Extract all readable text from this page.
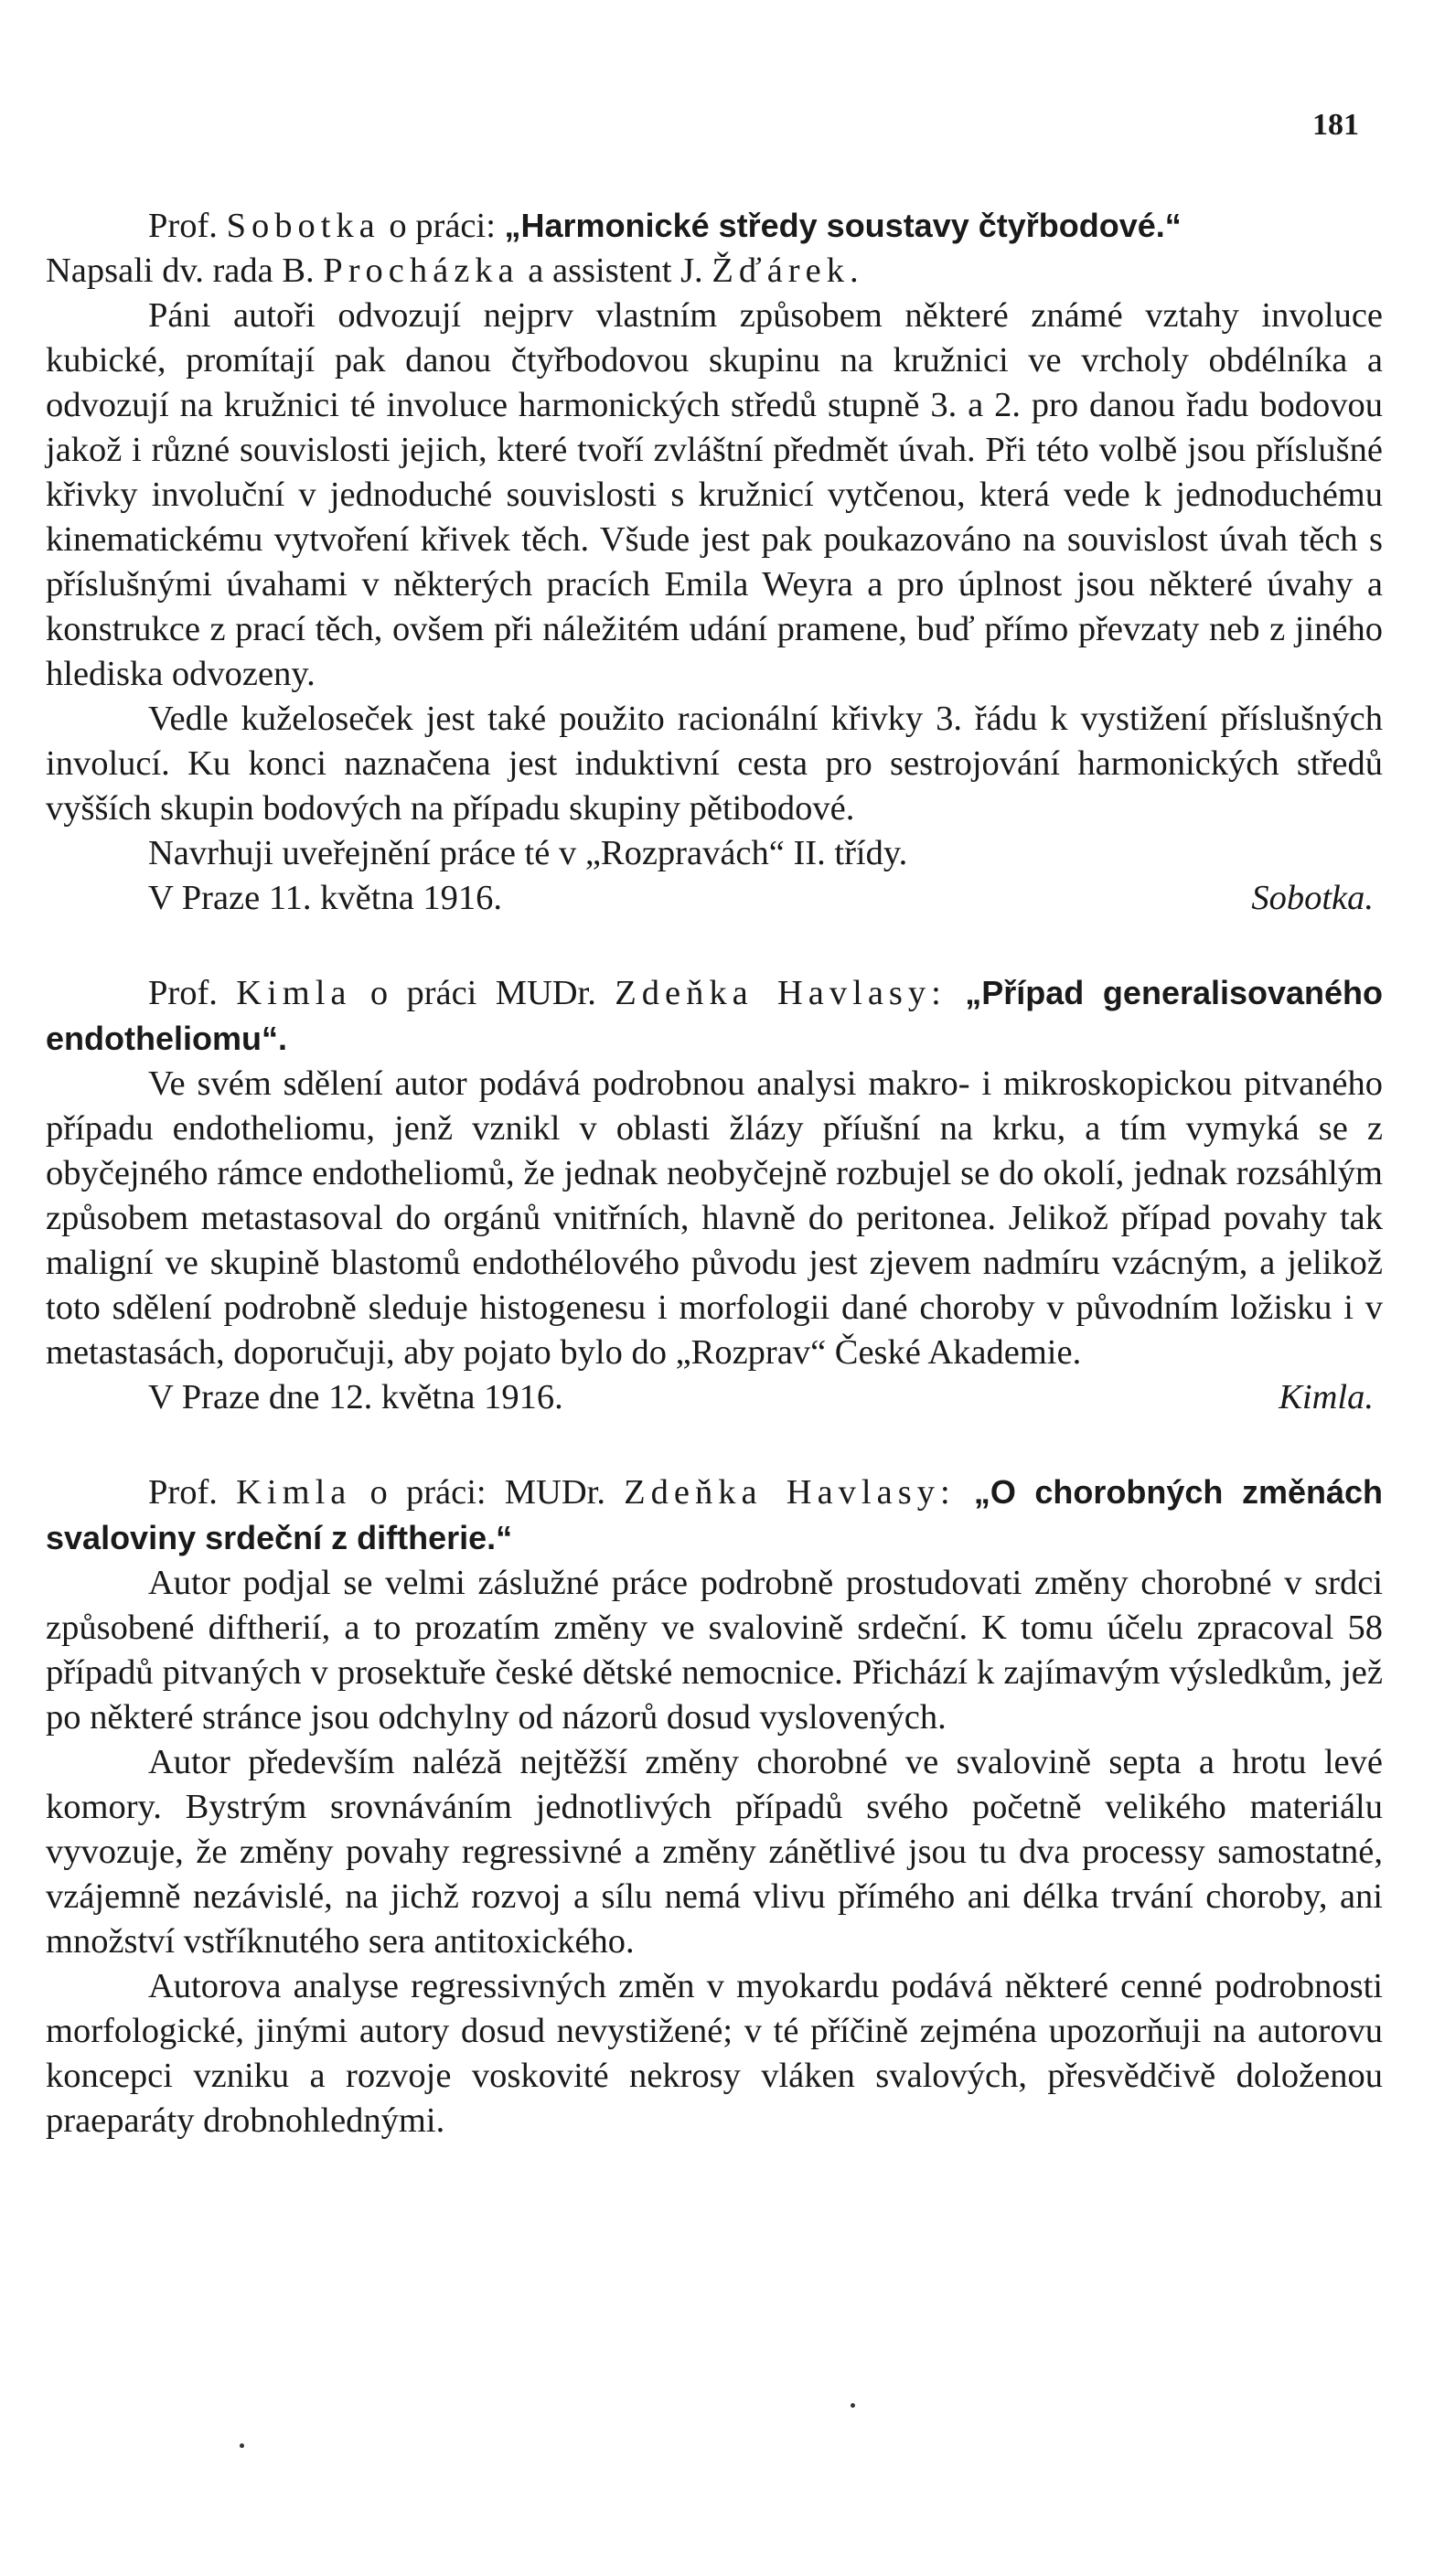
181

Prof. Sobotka o práci: „Harmonické středy soustavy čtyřbodové.“

Napsali dv. rada B. Procházka a assistent J. Žďárek.

Páni autoři odvozují nejprv vlastním způsobem některé známé vztahy involuce kubické, promítají pak danou čtyřbodovou skupinu na kružnici ve vrcholy obdélníka a odvozují na kružnici té involuce harmonických středů stupně 3. a 2. pro danou řadu bodovou jakož i různé souvislosti jejich, které tvoří zvláštní předmět úvah. Při této volbě jsou příslušné křivky involuční v jednoduché souvislosti s kružnicí vytčenou, která vede k jednoduchému kinematickému vytvoření křivek těch. Všude jest pak poukazováno na souvislost úvah těch s příslušnými úvahami v některých pracích Emila Weyra a pro úplnost jsou některé úvahy a konstrukce z prací těch, ovšem při náležitém udání pramene, buď přímo převzaty neb z jiného hlediska odvozeny.

Vedle kuželoseček jest také použito racionální křivky 3. řádu k vystižení příslušných involucí. Ku konci naznačena jest induktivní cesta pro sestrojování harmonických středů vyšších skupin bodových na případu skupiny pětibodové.

Navrhuji uveřejnění práce té v „Rozpravách“ II. třídy.

V Praze 11. května 1916.	Sobotka.

Prof. Kimla o práci MUDr. Zdeňka Havlasy: „Případ generalisovaného endotheliomu“.

Ve svém sdělení autor podává podrobnou analysi makro- i mikroskopickou pitvaného případu endotheliomu, jenž vznikl v oblasti žlázy příušní na krku, a tím vymyká se z obyčejného rámce endotheliomů, že jednak neobyčejně rozbujel se do okolí, jednak rozsáhlým způsobem metastasoval do orgánů vnitřních, hlavně do peritonea. Jelikož případ povahy tak maligní ve skupině blastomů endothélového původu jest zjevem nadmíru vzácným, a jelikož toto sdělení podrobně sleduje histogenesu i morfologii dané choroby v původním ložisku i v metastasách, doporučuji, aby pojato bylo do „Rozprav“ České Akademie.

V Praze dne 12. května 1916.	Kimla.

Prof. Kimla o práci: MUDr. Zdeňka Havlasy: „O chorobných změnách svaloviny srdeční z diftherie.“

Autor podjal se velmi záslužné práce podrobně prostudovati změny chorobné v srdci způsobené diftherií, a to prozatím změny ve svalovině srdeční. K tomu účelu zpracoval 58 případů pitvaných v prosektuře české dětské nemocnice. Přichází k zajímavým výsledkům, jež po některé stránce jsou odchylny od názorů dosud vyslovených.

Autor především naléză nejtěžší změny chorobné ve svalovině septa a hrotu levé komory. Bystrým srovnáváním jednotlivých případů svého početně velikého materiálu vyvozuje, že změny povahy regressivné a změny zánětlivé jsou tu dva processy samostatné, vzájemně nezávislé, na jichž rozvoj a sílu nemá vlivu přímého ani délka trvání choroby, ani množství vstříknutého sera antitoxického.

Autorova analyse regressivných změn v myokardu podává některé cenné podrobnosti morfologické, jinými autory dosud nevystižené; v té příčině zejména upozorňuji na autorovu koncepci vzniku a rozvoje voskovité nekrosy vláken svalových, přesvědčivě doloženou praeparáty drobnohlednými.
